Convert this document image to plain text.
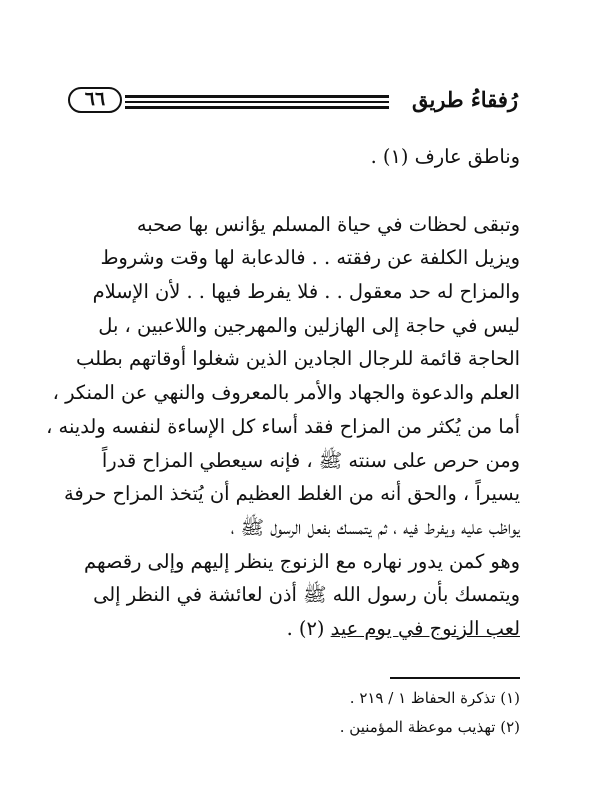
٦٦	رُفقاءُ طريق

وناطق عارف (١) .

وتبقى لحظات في حياة المسلم يؤانس بها صحبه
ويزيل الكلفة عن رفقته . . فالدعابة لها وقت وشروط
والمزاح له حد معقول . . فلا يفرط فيها . . لأن الإسلام
ليس في حاجة إلى الهازلين والمهرجين واللاعبين ، بل
الحاجة قائمة للرجال الجادين الذين شغلوا أوقاتهم بطلب
العلم والدعوة والجهاد والأمر بالمعروف والنهي عن المنكر ،
أما من يُكثر من المزاح فقد أساء كل الإساءة لنفسه ولدينه ،
ومن حرص على سنته ﷺ ، فإنه سيعطي المزاح قدراً
يسيراً ، والحق أنه من الغلط العظيم أن يُتخذ المزاح حرفة
يواظب عليه ويفرط فيه ، ثم يتمسك بفعل الرسول ﷺ ،
وهو كمن يدور نهاره مع الزنوج ينظر إليهم وإلى رقصهم
ويتمسك بأن رسول الله ﷺ أذن لعائشة في النظر إلى
لعب الزنوج في يوم عيد (٢) .

(١) تذكرة الحفاظ ١ / ٢١٩ .
(٢) تهذيب موعظة المؤمنين .
